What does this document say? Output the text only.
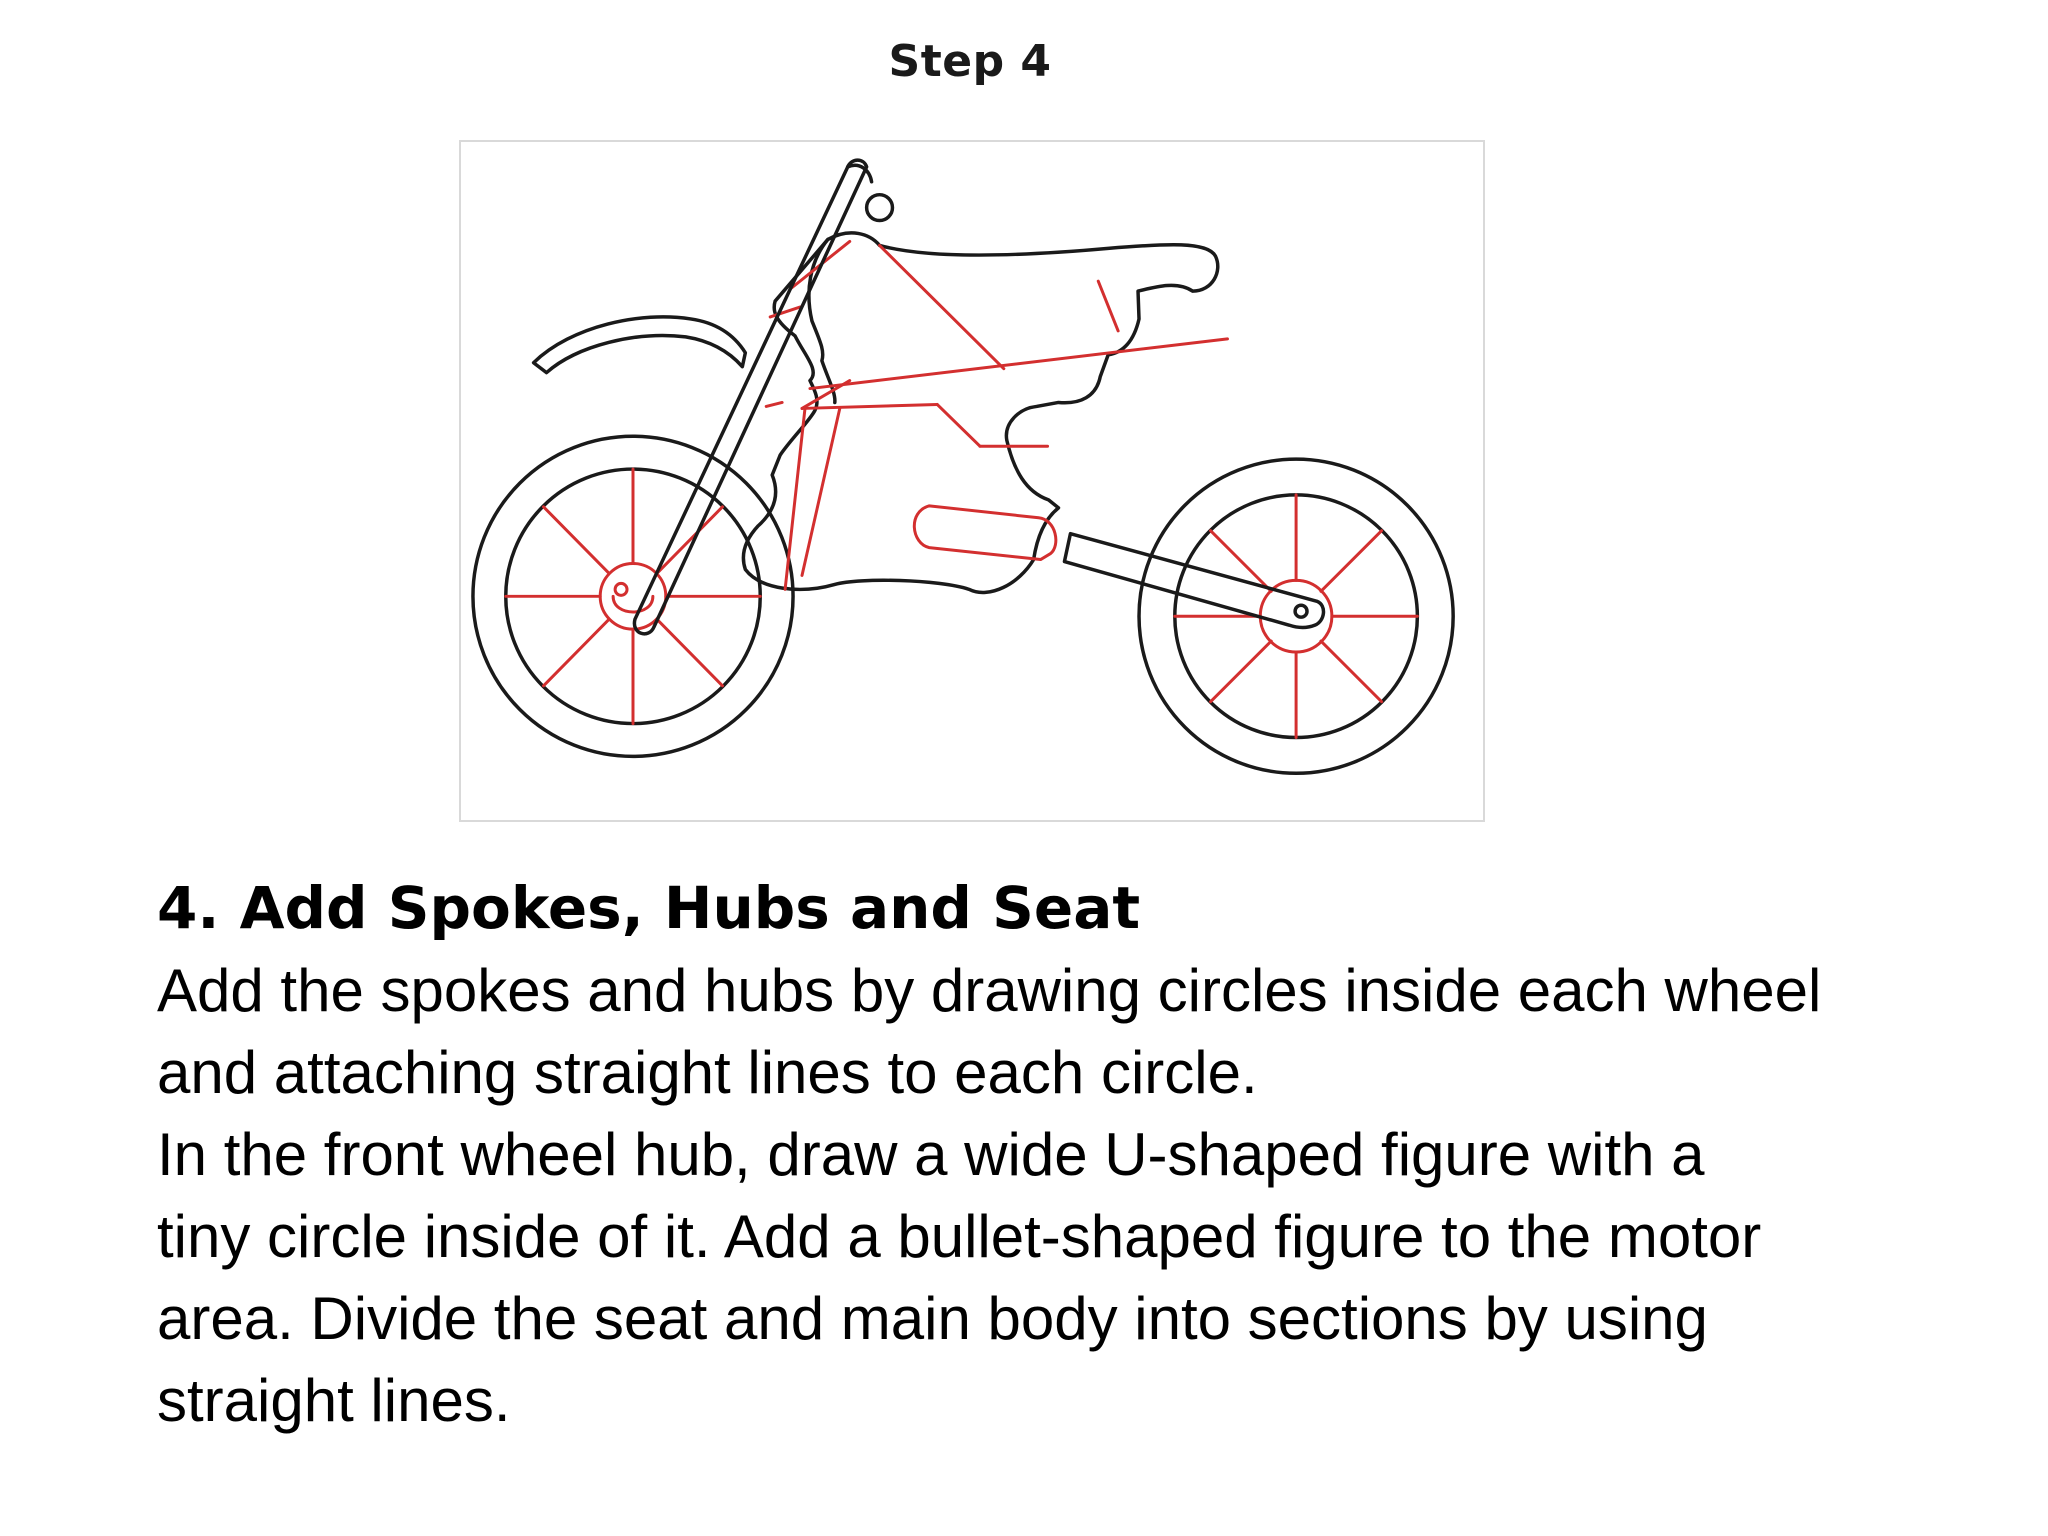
Step 4

4. Add Spokes, Hubs and Seat

Add the spokes and hubs by drawing circles inside each wheel
and attaching straight lines to each circle.

In the front wheel hub, draw a wide U-shaped figure with a
tiny circle inside of it. Add a bullet-shaped figure to the motor
area. Divide the seat and main body into sections by using
straight lines.
